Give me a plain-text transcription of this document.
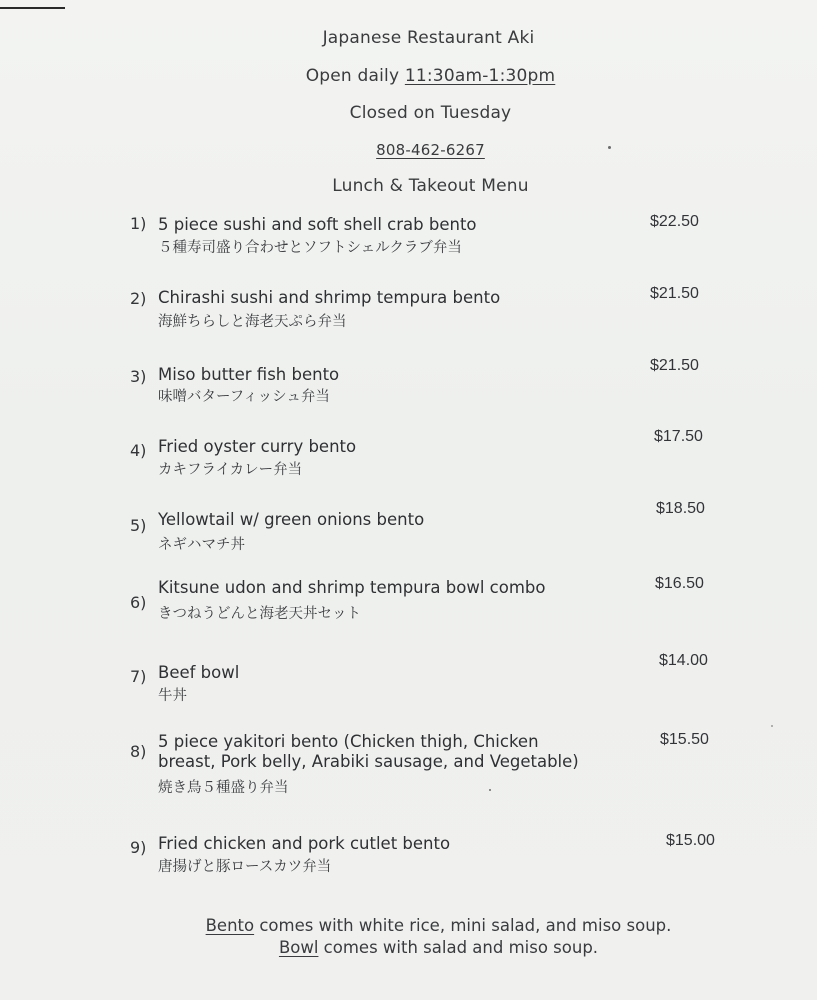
Japanese Restaurant Aki
Open daily 11:30am-1:30pm
Closed on Tuesday
808-462-6267
Lunch & Takeout Menu
1) 5 piece sushi and soft shell crab bento
５種寿司盛り合わせとソフトシェルクラブ弁当
$22.50
2) Chirashi sushi and shrimp tempura bento
海鮮ちらしと海老天ぷら弁当
$21.50
3) Miso butter fish bento
味噌バターフィッシュ弁当
$21.50
4) Fried oyster curry bento
カキフライカレー弁当
$17.50
5) Yellowtail w/ green onions bento
ネギハマチ丼
$18.50
6)
Kitsune udon and shrimp tempura bowl combo
きつねうどんと海老天丼セット
$16.50
7) Beef bowl
牛丼
$14.00
8)
5 piece yakitori bento (Chicken thigh, Chicken
breast, Pork belly, Arabiki sausage, and Vegetable)
焼き鳥５種盛り弁当
$15.50
9) Fried chicken and pork cutlet bento
唐揚げと豚ロースカツ弁当
$15.00
Bento comes with white rice, mini salad, and miso soup.
Bowl comes with salad and miso soup.
